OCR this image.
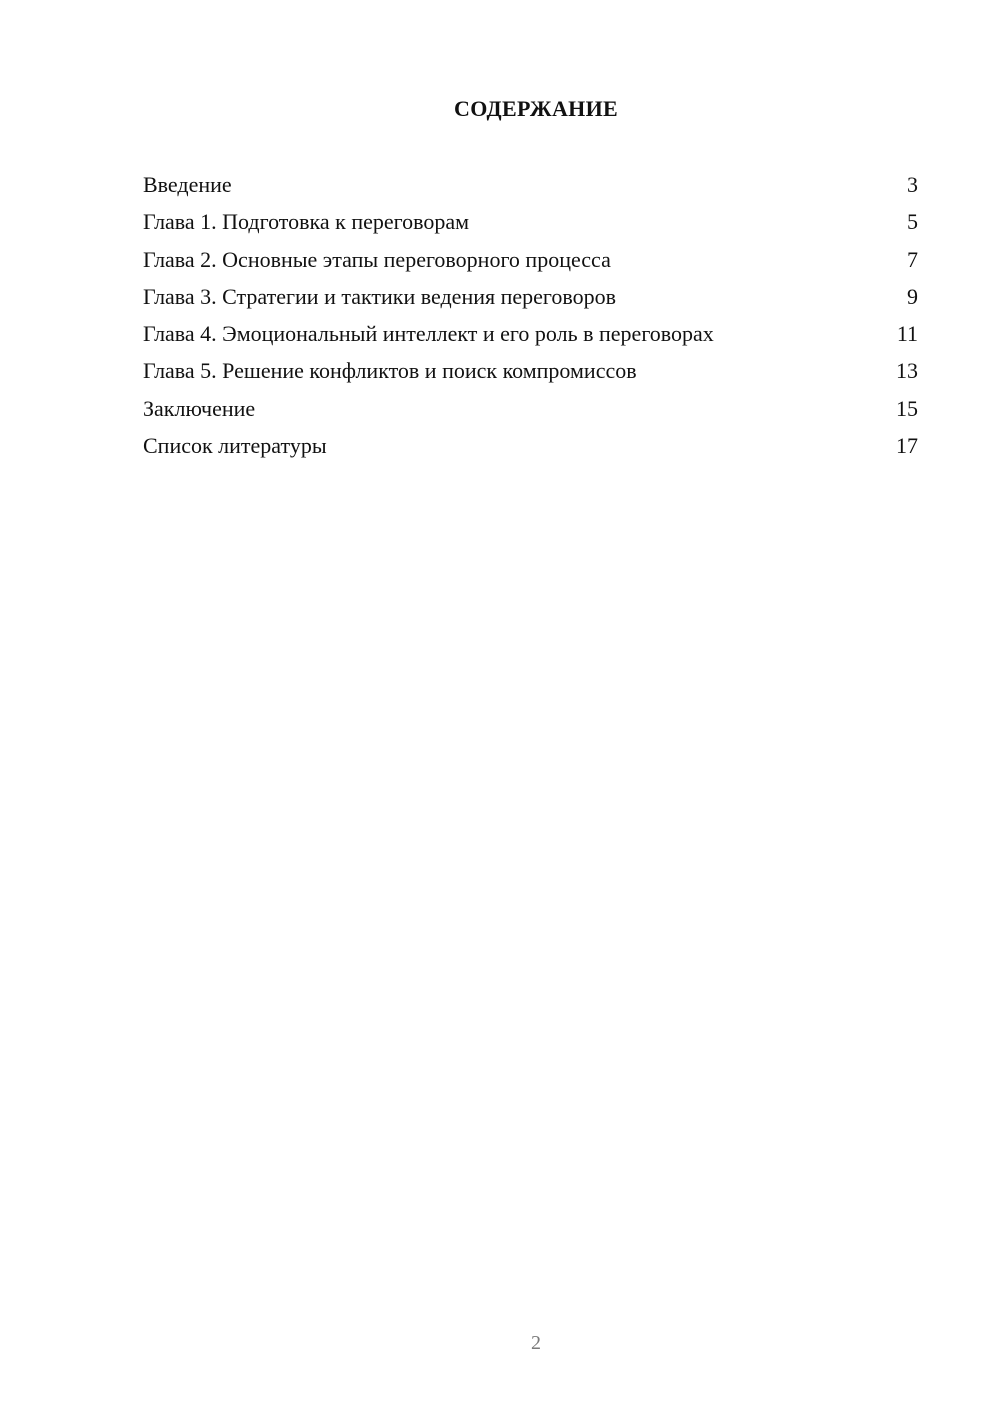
СОДЕРЖАНИЕ
Введение	3
Глава 1. Подготовка к переговорам	5
Глава 2. Основные этапы переговорного процесса	7
Глава 3. Стратегии и тактики ведения переговоров	9
Глава 4. Эмоциональный интеллект и его роль в переговорах	11
Глава 5. Решение конфликтов и поиск компромиссов	13
Заключение	15
Список литературы	17
2
